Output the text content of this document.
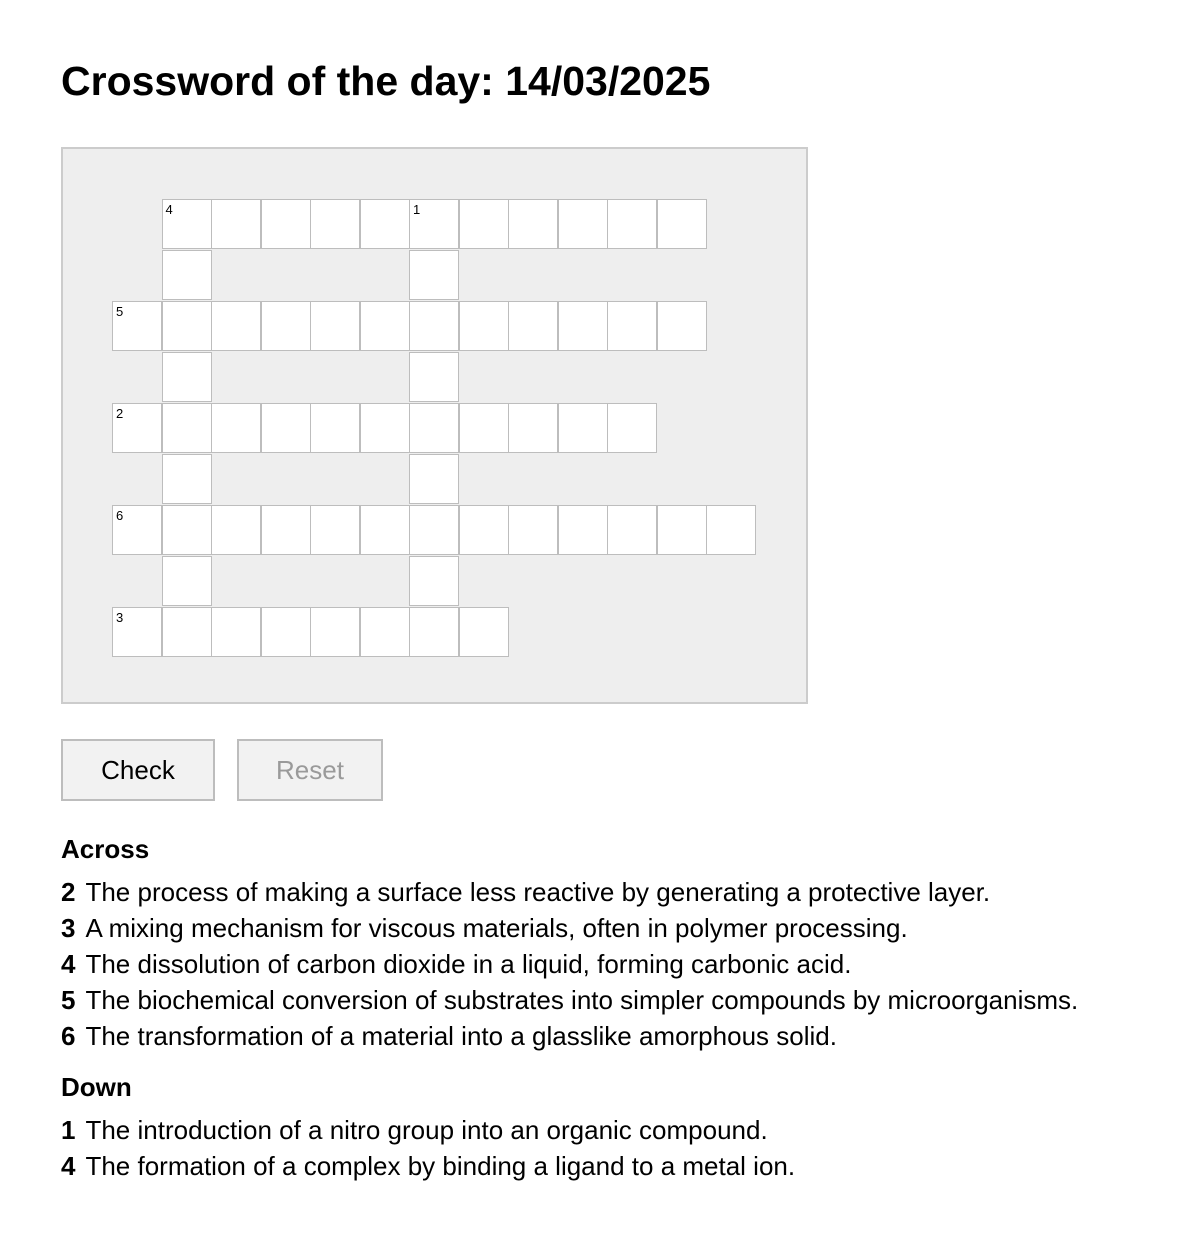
Crossword of the day: 14/03/2025
4	1
5
2
6
3
Check	Reset
Across
2 The process of making a surface less reactive by generating a protective layer.
3 A mixing mechanism for viscous materials, often in polymer processing.
4 The dissolution of carbon dioxide in a liquid, forming carbonic acid.
5 The biochemical conversion of substrates into simpler compounds by microorganisms.
6 The transformation of a material into a glasslike amorphous solid.
Down
1 The introduction of a nitro group into an organic compound.
4 The formation of a complex by binding a ligand to a metal ion.
